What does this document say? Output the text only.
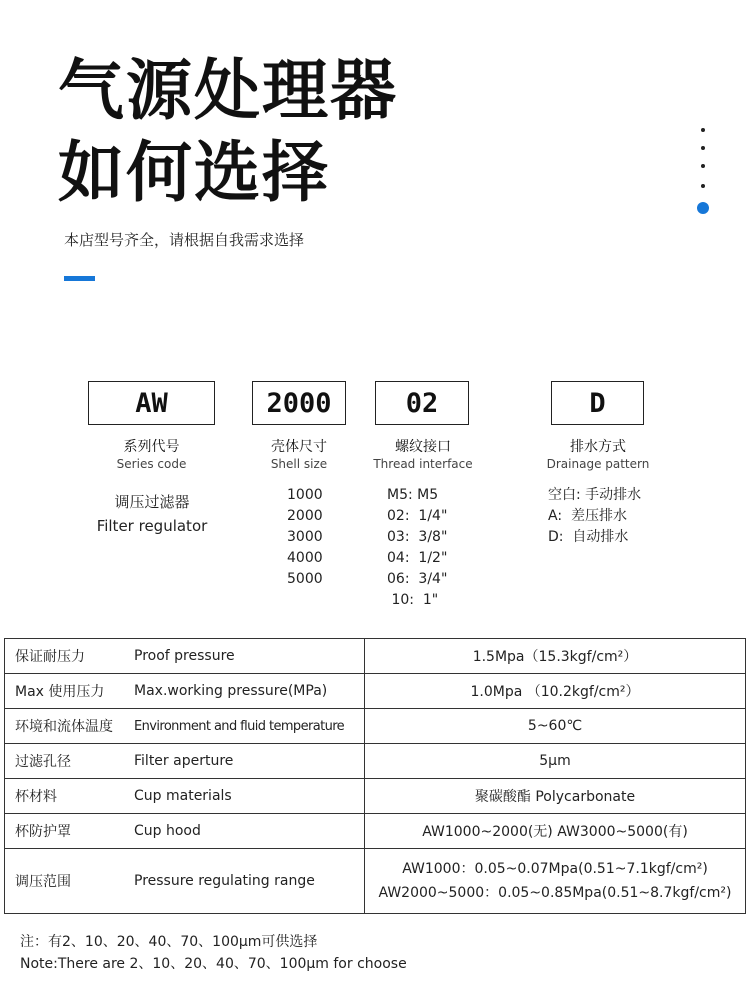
气源处理器
如何选择
本店型号齐全，请根据自我需求选择
AW
系列代号
Series code
调压过滤器
Filter regulator
2000
壳体尺寸
Shell size
1000
2000
3000
4000
5000
02
螺纹接口
Thread interface
M5: M5
02:  1/4"
03:  3/8"
04:  1/2"
06:  3/4"
10:  1"
D
排水方式
Drainage pattern
空白: 手动排水
A:  差压排水
D:  自动排水
保证耐压力	Proof pressure	1.5Mpa（15.3kgf/cm²）
Max 使用压力	Max.working pressure(MPa)	1.0Mpa （10.2kgf/cm²）
环境和流体温度	Environment and fluid temperature	5~60℃
过滤孔径	Filter aperture	5μm
杯材料	Cup materials	聚碳酸酯 Polycarbonate
杯防护罩	Cup hood	AW1000~2000(无) AW3000~5000(有)
调压范围	Pressure regulating range	AW1000：0.05~0.07Mpa(0.51~7.1kgf/cm²)
AW2000~5000：0.05~0.85Mpa(0.51~8.7kgf/cm²)
注：有2、10、20、40、70、100μm可供选择
Note:There are 2、10、20、40、70、100μm for choose
